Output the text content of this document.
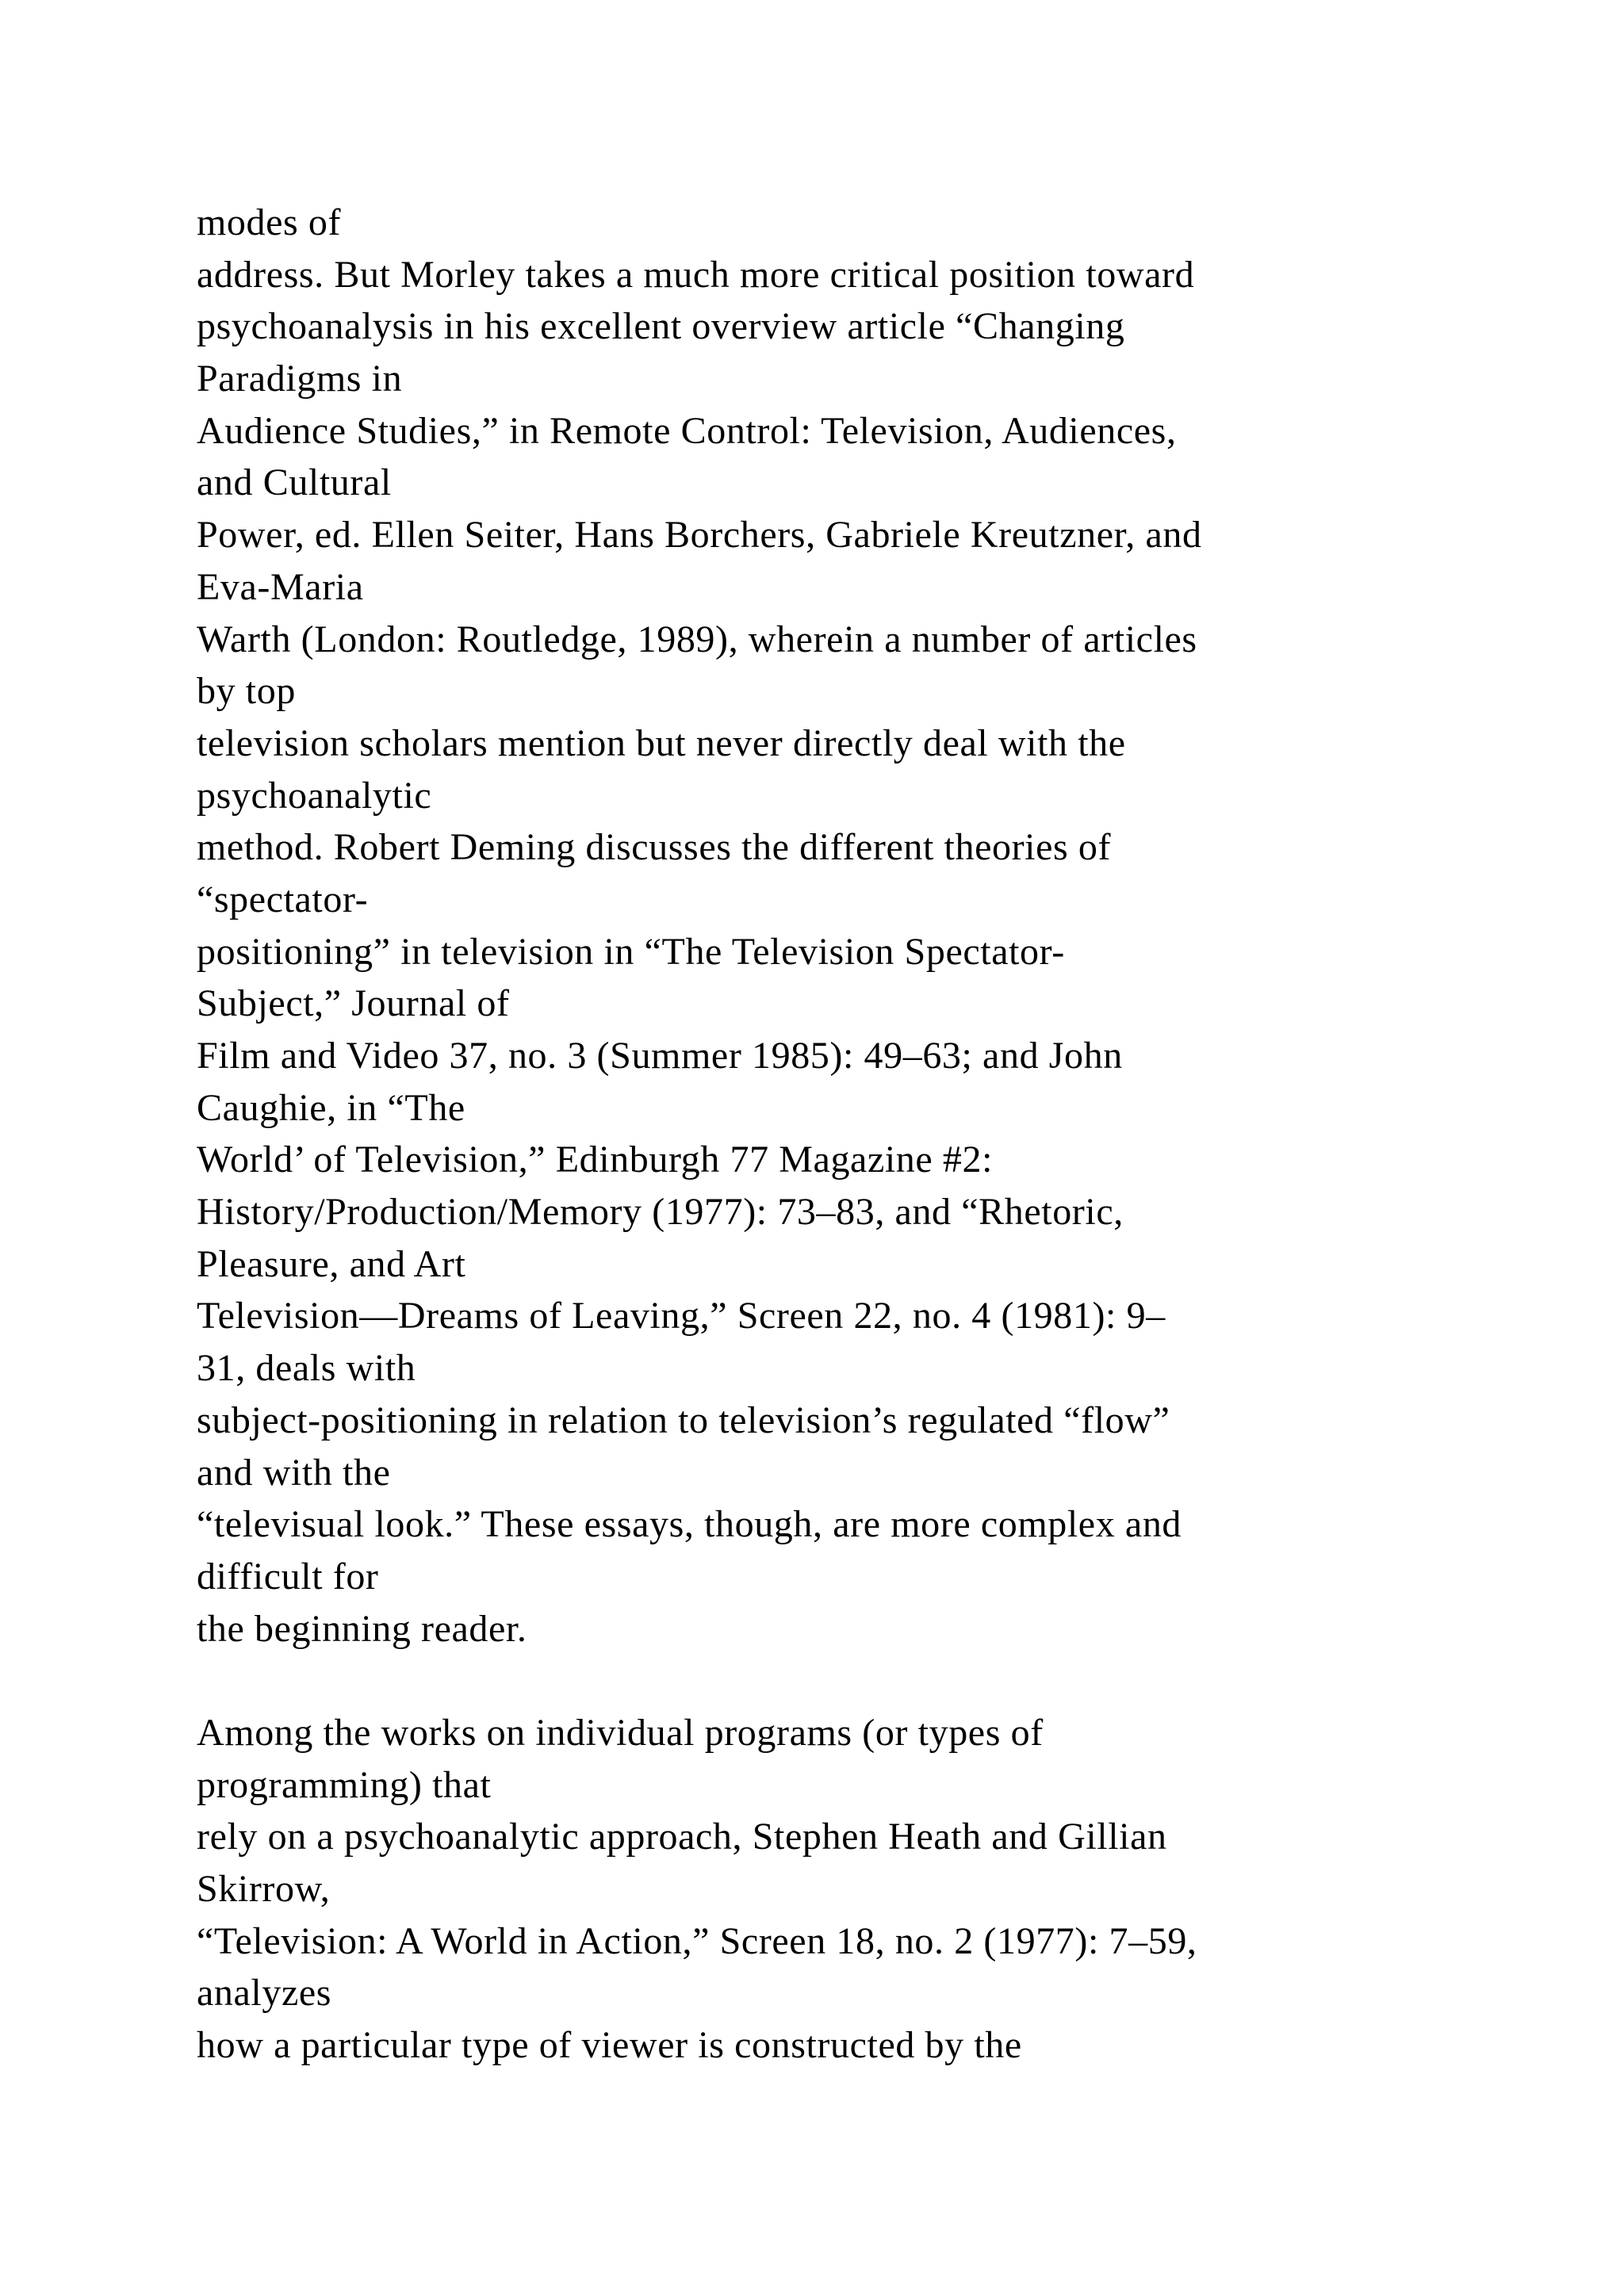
modes of
address. But Morley takes a much more critical position toward
psychoanalysis in his excellent overview article “Changing
Paradigms in
Audience Studies,” in Remote Control: Television, Audiences,
and Cultural
Power, ed. Ellen Seiter, Hans Borchers, Gabriele Kreutzner, and
Eva-Maria
Warth (London: Routledge, 1989), wherein a number of articles
by top
television scholars mention but never directly deal with the
psychoanalytic
method. Robert Deming discusses the different theories of
“spectator-
positioning” in television in “The Television Spectator-
Subject,” Journal of
Film and Video 37, no. 3 (Summer 1985): 49–63; and John
Caughie, in “The
World’ of Television,” Edinburgh 77 Magazine #2:
History/Production/Memory (1977): 73–83, and “Rhetoric,
Pleasure, and Art
Television—Dreams of Leaving,” Screen 22, no. 4 (1981): 9–
31, deals with
subject-positioning in relation to television’s regulated “flow”
and with the
“televisual look.” These essays, though, are more complex and
difficult for
the beginning reader.
Among the works on individual programs (or types of
programming) that
rely on a psychoanalytic approach, Stephen Heath and Gillian
Skirrow,
“Television: A World in Action,” Screen 18, no. 2 (1977): 7–59,
analyzes
how a particular type of viewer is constructed by the
